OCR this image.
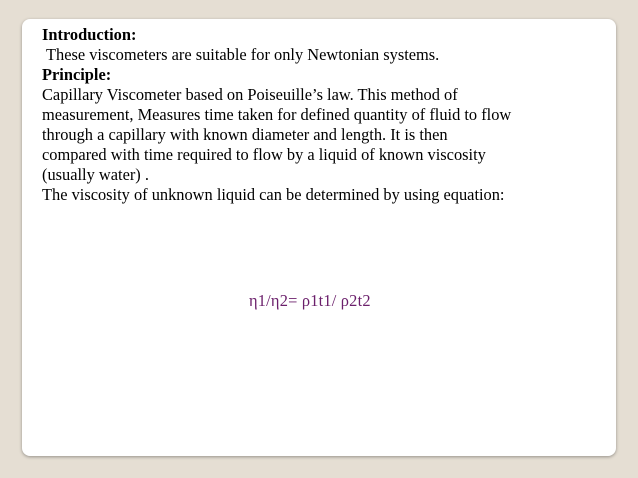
Introduction:

These viscometers are suitable for only Newtonian systems.

Principle:

Capillary Viscometer based on Poiseuille’s law. This method of

measurement, Measures time taken for defined quantity of fluid to flow

through a capillary with known diameter and length. It is then

compared with time required to flow by a liquid of known viscosity

(usually water) .

The viscosity of unknown liquid can be determined by using equation:

η1/η2= ρ1t1/ ρ2t2
